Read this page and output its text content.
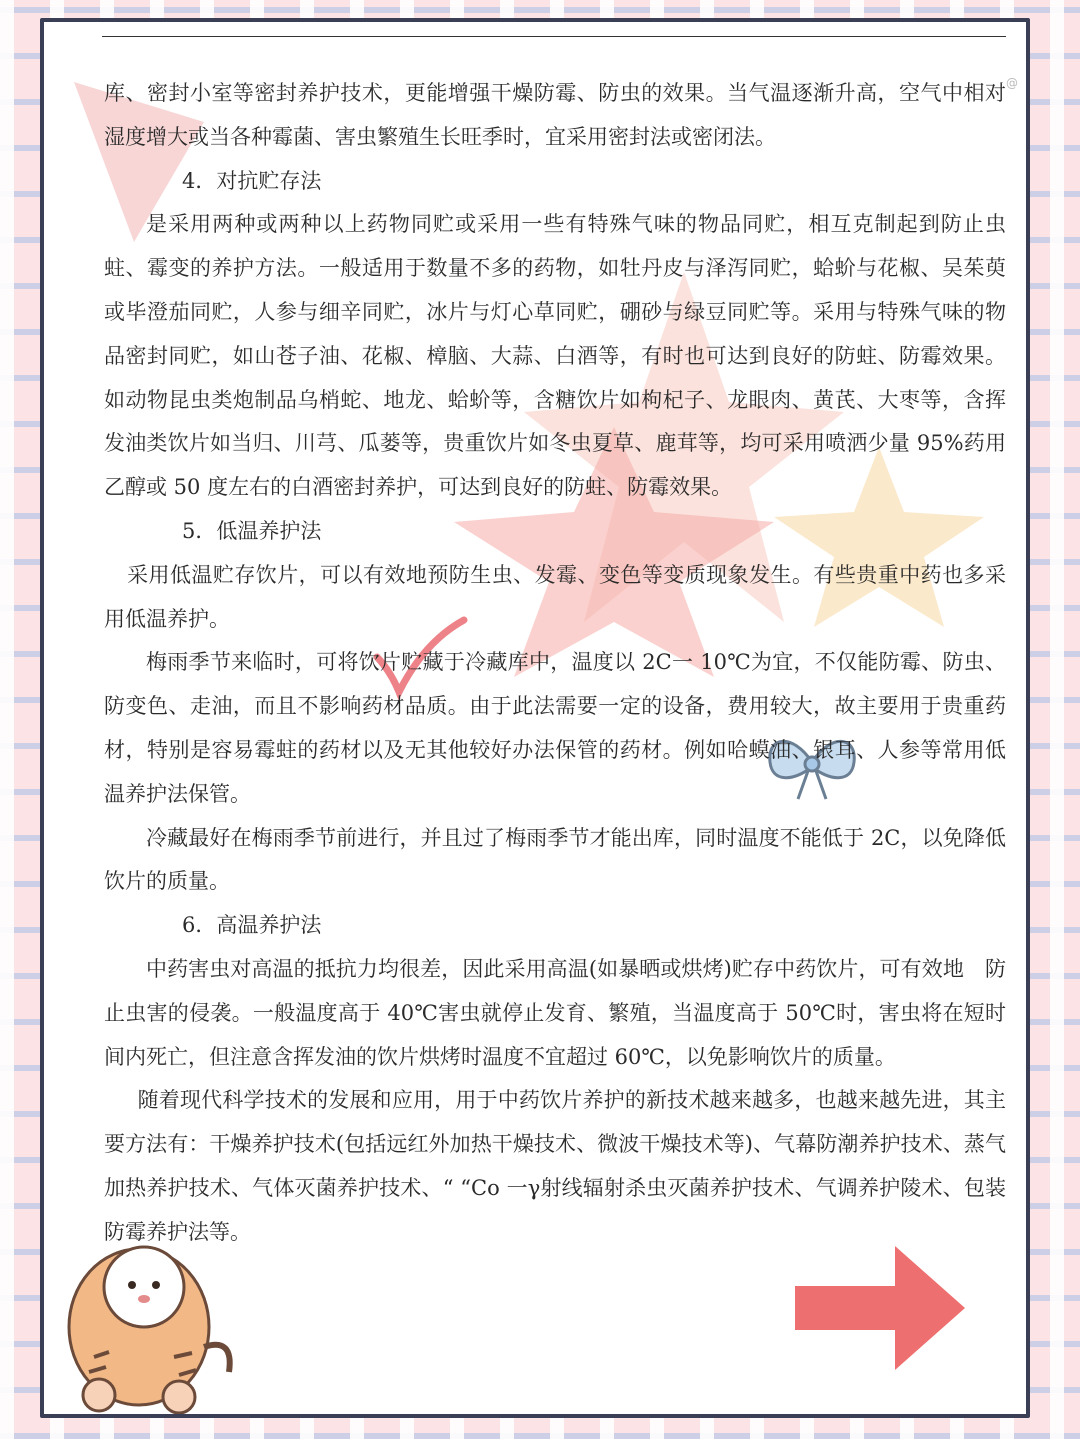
@

库、密封小室等密封养护技术，更能增强干燥防霉、防虫的效果。当气温逐渐升高，空气中相对湿度增大或当各种霉菌、害虫繁殖生长旺季时，宜采用密封法或密闭法。

4．对抗贮存法

是采用两种或两种以上药物同贮或采用一些有特殊气味的物品同贮，相互克制起到防止虫蛀、霉变的养护方法。一般适用于数量不多的药物，如牡丹皮与泽泻同贮，蛤蚧与花椒、吴茱萸或毕澄茄同贮，人参与细辛同贮，冰片与灯心草同贮，硼砂与绿豆同贮等。采用与特殊气味的物品密封同贮，如山苍子油、花椒、樟脑、大蒜、白酒等，有时也可达到良好的防蛀、防霉效果。如动物昆虫类炮制品乌梢蛇、地龙、蛤蚧等，含糖饮片如枸杞子、龙眼肉、黄芪、大枣等，含挥发油类饮片如当归、川芎、瓜蒌等，贵重饮片如冬虫夏草、鹿茸等，均可采用喷洒少量 95%药用乙醇或 50 度左右的白酒密封养护，可达到良好的防蛀、防霉效果。

5．低温养护法

采用低温贮存饮片，可以有效地预防生虫、发霉、变色等变质现象发生。有些贵重中药也多采用低温养护。

梅雨季节来临时，可将饮片贮藏于冷藏库中，温度以 2C一 10℃为宜，不仅能防霉、防虫、防变色、走油，而且不影响药材品质。由于此法需要一定的设备，费用较大，故主要用于贵重药材，特别是容易霉蛀的药材以及无其他较好办法保管的药材。例如哈蟆油、银耳、人参等常用低温养护法保管。

冷藏最好在梅雨季节前进行，并且过了梅雨季节才能出库，同时温度不能低于 2C，以免降低饮片的质量。

6．高温养护法

中药害虫对高温的抵抗力均很差，因此采用高温(如暴晒或烘烤)贮存中药饮片，可有效地　防止虫害的侵袭。一般温度高于 40℃害虫就停止发育、繁殖，当温度高于 50℃时，害虫将在短时间内死亡，但注意含挥发油的饮片烘烤时温度不宜超过 60℃，以免影响饮片的质量。

随着现代科学技术的发展和应用，用于中药饮片养护的新技术越来越多，也越来越先进，其主要方法有：干燥养护技术(包括远红外加热干燥技术、微波干燥技术等)、气幕防潮养护技术、蒸气加热养护技术、气体灭菌养护技术、“ “Co 一γ射线辐射杀虫灭菌养护技术、气调养护陵术、包装防霉养护法等。
